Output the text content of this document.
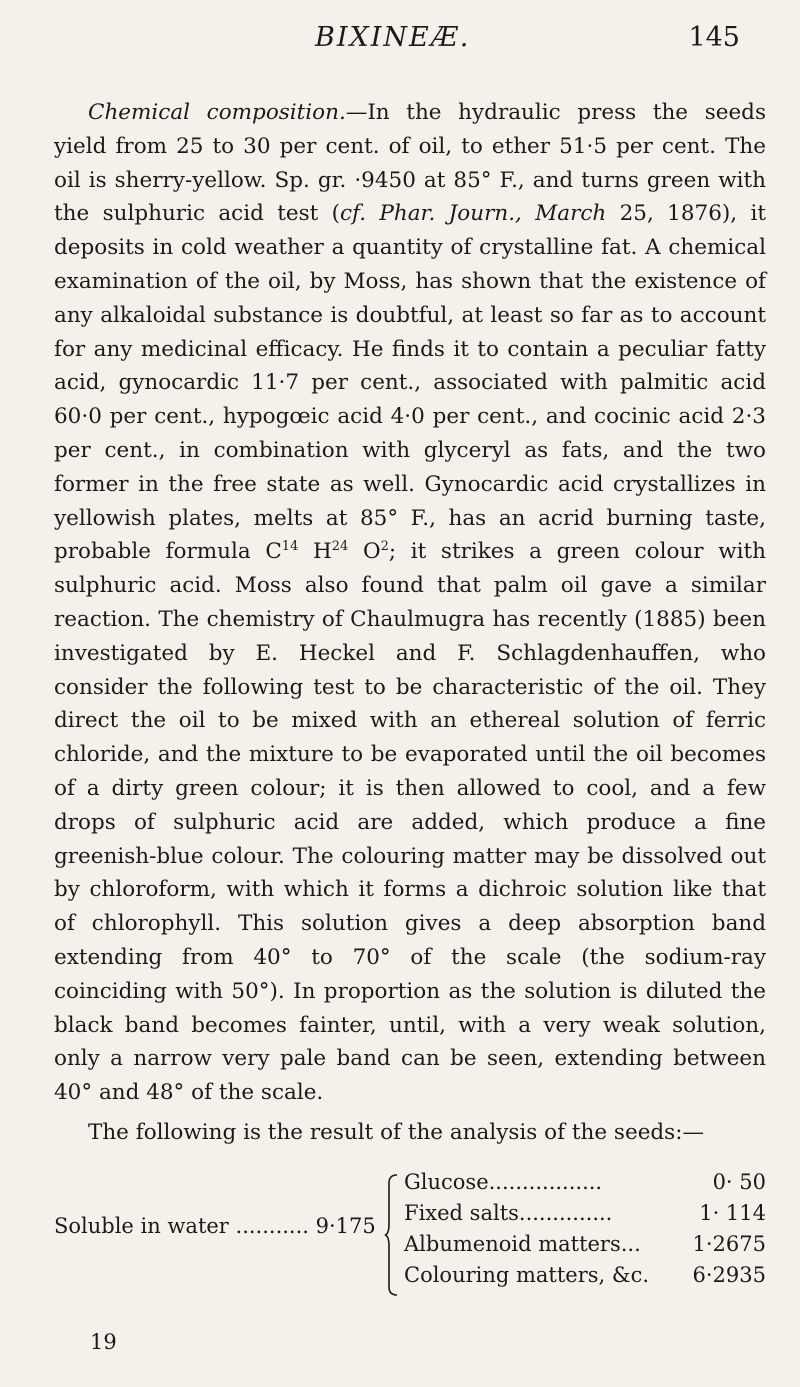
BIXINEÆ.	145

Chemical composition.—In the hydraulic press the seeds yield from 25 to 30 per cent. of oil, to ether 51·5 per cent. The oil is sherry-yellow. Sp. gr. ·9450 at 85° F., and turns green with the sulphuric acid test (cf. Phar. Journ., March 25, 1876), it deposits in cold weather a quantity of crystalline fat. A chemical examination of the oil, by Moss, has shown that the existence of any alkaloidal substance is doubtful, at least so far as to account for any medicinal efficacy. He finds it to contain a peculiar fatty acid, gynocardic 11·7 per cent., associated with palmitic acid 60·0 per cent., hypogœic acid 4·0 per cent., and cocinic acid 2·3 per cent., in combination with glyceryl as fats, and the two former in the free state as well. Gynocardic acid crystallizes in yellowish plates, melts at 85° F., has an acrid burning taste, probable formula $C^{14}$ $H^{24}$ $O^2$; it strikes a green colour with sulphuric acid. Moss also found that palm oil gave a similar reaction. The chemistry of Chaulmugra has recently (1885) been investigated by E. Heckel and F. Schlagdenhauffen, who consider the following test to be characteristic of the oil. They direct the oil to be mixed with an ethereal solution of ferric chloride, and the mixture to be evaporated until the oil becomes of a dirty green colour; it is then allowed to cool, and a few drops of sulphuric acid are added, which produce a fine greenish-blue colour. The colouring matter may be dissolved out by chloroform, with which it forms a dichroic solution like that of chlorophyll. This solution gives a deep absorption band extending from 40° to 70° of the scale (the sodium-ray coinciding with 50°). In proportion as the solution is diluted the black band becomes fainter, until, with a very weak solution, only a narrow very pale band can be seen, extending between 40° and 48° of the scale.

The following is the result of the analysis of the seeds:—

Soluble in water ........... 9·175
Glucose.................	0· 50
Fixed salts..............	1· 114
Albumenoid matters... 1·2675
Colouring matters, &c. 6·2935
19
